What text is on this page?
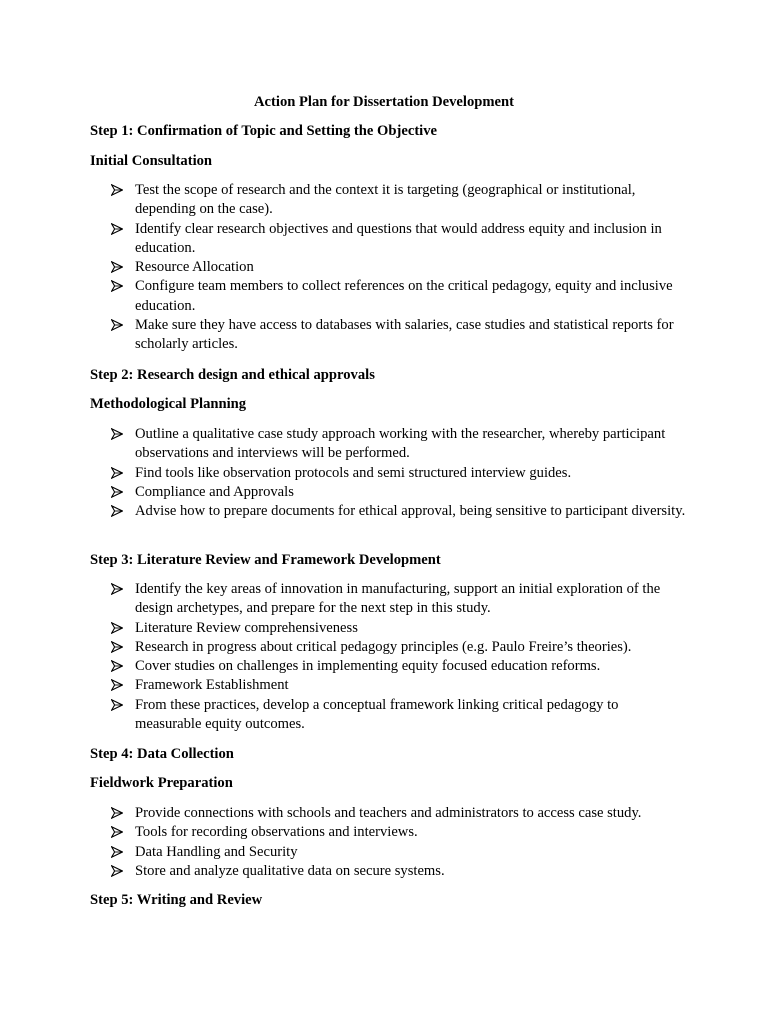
Action Plan for Dissertation Development
Step 1: Confirmation of Topic and Setting the Objective
Initial Consultation
Test the scope of research and the context it is targeting (geographical or institutional, depending on the case).
Identify clear research objectives and questions that would address equity and inclusion in education.
Resource Allocation
Configure team members to collect references on the critical pedagogy, equity and inclusive education.
Make sure they have access to databases with salaries, case studies and statistical reports for scholarly articles.
Step 2: Research design and ethical approvals
Methodological Planning
Outline a qualitative case study approach working with the researcher, whereby participant observations and interviews will be performed.
Find tools like observation protocols and semi structured interview guides.
Compliance and Approvals
Advise how to prepare documents for ethical approval, being sensitive to participant diversity.
Step 3: Literature Review and Framework Development
Identify the key areas of innovation in manufacturing, support an initial exploration of the design archetypes, and prepare for the next step in this study.
Literature Review comprehensiveness
Research in progress about critical pedagogy principles (e.g. Paulo Freire’s theories).
Cover studies on challenges in implementing equity focused education reforms.
Framework Establishment
From these practices, develop a conceptual framework linking critical pedagogy to measurable equity outcomes.
Step 4: Data Collection
Fieldwork Preparation
Provide connections with schools and teachers and administrators to access case study.
Tools for recording observations and interviews.
Data Handling and Security
Store and analyze qualitative data on secure systems.
Step 5: Writing and Review
